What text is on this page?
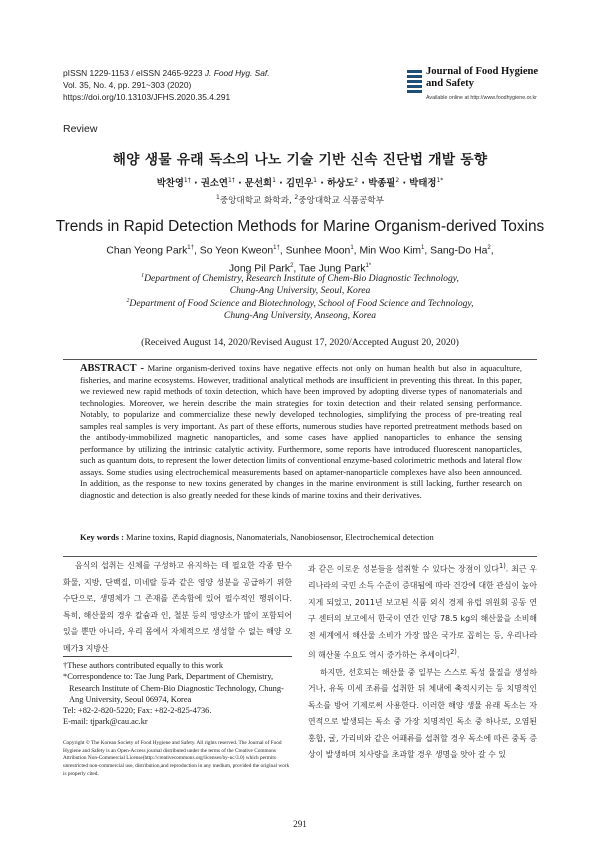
pISSN 1229-1153 / eISSN 2465-9223 J. Food Hyg. Saf.
Vol. 35, No. 4, pp. 291~303 (2020)
https://doi.org/10.13103/JFHS.2020.35.4.291
Journal of Food Hygiene
and Safety
Available online at http://www.foodhygiene.or.kr
Review
해양 생물 유래 독소의 나노 기술 기반 신속 진단법 개발 동향
박찬영$^{1\dagger}$ · 권소연$^{1\dagger}$ · 문선희$^1$ · 김민우$^1$ · 하상도$^2$ · 박종필$^2$ · 박태정$^{1*}$
$^1$중앙대학교 화학과, $^2$중앙대학교 식품공학부
Trends in Rapid Detection Methods for Marine Organism-derived Toxins
Chan Yeong Park$^{1\dagger}$, So Yeon Kweon$^{1\dagger}$, Sunhee Moon$^1$, Min Woo Kim$^1$, Sang-Do Ha$^2$, Jong Pil Park$^2$, Tae Jung Park$^{1*}$
$^1$Department of Chemistry, Research Institute of Chem-Bio Diagnostic Technology,
Chung-Ang University, Seoul, Korea
$^2$Department of Food Science and Biotechnology, School of Food Science and Technology,
Chung-Ang University, Anseong, Korea
(Received August 14, 2020/Revised August 17, 2020/Accepted August 20, 2020)
ABSTRACT - Marine organism-derived toxins have negative effects not only on human health but also in aquaculture, fisheries, and marine ecosystems. However, traditional analytical methods are insufficient in preventing this threat. In this paper, we reviewed new rapid methods of toxin detection, which have been improved by adopting diverse types of nanomaterials and technologies. Moreover, we herein describe the main strategies for toxin detection and their related sensing performance. Notably, to popularize and commercialize these newly developed technologies, simplifying the process of pre-treating real samples real samples is very important. As part of these efforts, numerous studies have reported pretreatment methods based on the antibody-immobilized magnetic nanoparticles, and some cases have applied nanoparticles to enhance the sensing performance by utilizing the intrinsic catalytic activity. Furthermore, some reports have introduced fluorescent nanoparticles, such as quantum dots, to represent the lower detection limits of conventional enzyme-based colorimetric methods and lateral flow assays. Some studies using electrochemical measurements based on aptamer-nanoparticle complexes have also been announced. In addition, as the response to new toxins generated by changes in the marine environment is still lacking, further research on diagnostic and detection is also greatly needed for these kinds of marine toxins and their derivatives.
Key words : Marine toxins, Rapid diagnosis, Nanomaterials, Nanobiosensor, Electrochemical detection

음식의 섭취는 신체를 구성하고 유지하는 데 필요한 각종 탄수화물, 지방, 단백질, 미네랄 등과 같은 영양 성분을 공급하기 위한 수단으로, 생명체가 그 존재를 존속함에 있어 필수적인 행위이다. 특히, 해산물의 경우 칼슘과 인, 철분 등의 영양소가 많이 포함되어 있을 뿐만 아니라, 우리 몸에서 자체적으로 생성할 수 없는 해양 오메가3 지방산

과 같은 이로운 성분들을 섭취할 수 있다는 장점이 있다$^{1)}$. 최근 우리나라의 국민 소득 수준이 증대됨에 따라 건강에 대한 관심이 높아지게 되었고, 2011년 보고된 식품 외식 경제 유럽 위원회 공동 연구 센터의 보고에서 한국이 연간 인당 78.5 kg의 해산물을 소비해 전 세계에서 해산물 소비가 가장 많은 국가로 꼽히는 등, 우리나라의 해산물 수요도 역시 증가하는 추세이다$^{2)}$.

하지만, 선호되는 해산물 중 일부는 스스로 독성 물질을 생성하거나, 유독 미세 조류를 섭취한 뒤 체내에 축적시키는 등 치명적인 독소를 방어 기제로써 사용한다. 이러한 해양 생물 유래 독소는 자연적으로 발생되는 독소 중 가장 치명적인 독소 중 하나로, 오염된 홍합, 굴, 가리비와 같은 어패류를 섭취할 경우 독소에 따른 중독 증상이 발생하며 치사량을 초과할 경우 생명을 앗아 갈 수 있

†These authors contributed equally to this work
*Correspondence to: Tae Jung Park, Department of Chemistry,
Research Institute of Chem-Bio Diagnostic Technology, Chung-
Ang University, Seoul 06974, Korea
Tel: +82-2-820-5220; Fax: +82-2-825-4736.
E-mail: tjpark@cau.ac.kr
Copyright © The Korean Society of Food Hygiene and Safety. All rights reserved. The Journal of Food Hygiene and Safety is an Open-Access journal distributed under the terms of the Creative Commons Attribution Non-Commercial License(http://creativecommons.org/licenses/by-nc/3.0) which permits unrestricted non-commercial use, distribution,and reproduction in any medium, provided the original work is properly cited.
291
